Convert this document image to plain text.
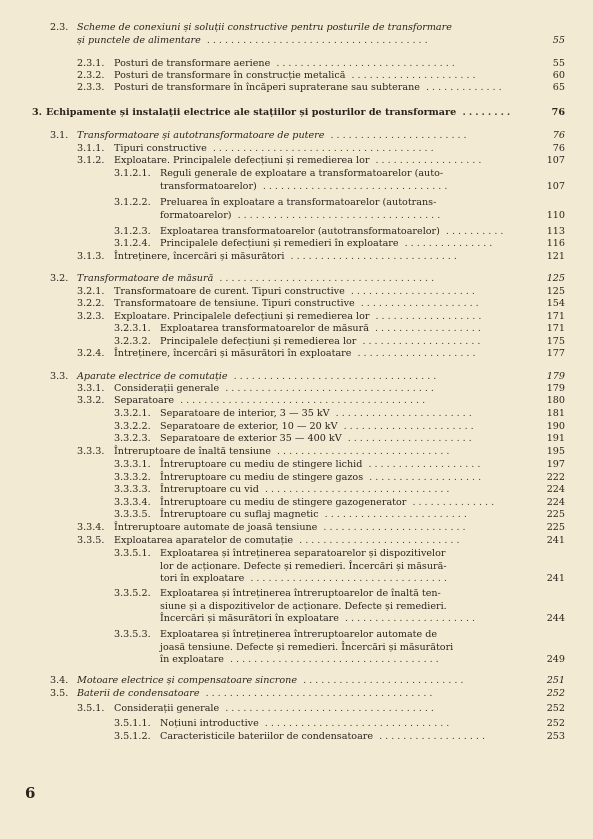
2.3. Scheme de conexiuni și soluții constructive pentru posturile de transformare
și punctele de alimentare .....................................	55
2.3.1. Posturi de transformare aeriene ..............................	55
2.3.2. Posturi de transformare în construcție metalică .....................	60
2.3.3. Posturi de transformare în încăperi supraterane sau subterane .............	65
3. Echipamente și instalații electrice ale stațiilor și posturilor de transformare ........	76
3.1. Transformatoare și autotransformatoare de putere .......................	76
3.1.1. Tipuri constructive .....................................	76
3.1.2. Exploatare. Principalele defecțiuni și remedierea lor ..................	107
3.1.2.1. Reguli generale de exploatare a transformatoarelor (auto-
transformatoarelor) ...............................	107
3.1.2.2. Preluarea în exploatare a transformatoarelor (autotrans-
formatoarelor) ..................................	110
3.1.2.3. Exploatarea transformatoarelor (autotransformatoarelor) ..........	113
3.1.2.4. Principalele defecțiuni și remedieri în exploatare ...............	116
3.1.3. Întreținere, încercări și măsurători ............................	121
3.2. Transformatoare de măsură ....................................	125
3.2.1. Transformatoare de curent. Tipuri constructive .....................	125
3.2.2. Transformatoare de tensiune. Tipuri constructive ....................	154
3.2.3. Exploatare. Principalele defecțiuni și remedierea lor ..................	171
3.2.3.1. Exploatarea transformatoarelor de măsură ..................	171
3.2.3.2. Principalele defecțiuni și remedierea lor ....................	175
3.2.4. Întreținere, încercări și măsurători în exploatare ....................	177
3.3. Aparate electrice de comutație ..................................	179
3.3.1. Considerații generale ...................................	179
3.3.2. Separatoare .........................................	180
3.3.2.1. Separatoare de interior, 3 — 35 kV .......................	181
3.3.2.2. Separatoare de exterior, 10 — 20 kV ......................	190
3.3.2.3. Separatoare de exterior 35 — 400 kV .....................	191
3.3.3. Întreruptoare de înaltă tensiune .............................	195
3.3.3.1. Întreruptoare cu mediu de stingere lichid ...................	197
3.3.3.2. Întreruptoare cu mediu de stingere gazos ...................	222
3.3.3.3. Întreruptoare cu vid ...............................	224
3.3.3.4. Întreruptoare cu mediu de stingere gazogenerator ..............	224
3.3.3.5. Întreruptoare cu suflaj magnetic ........................	225
3.3.4. Întreruptoare automate de joasă tensiune ........................	225
3.3.5. Exploatarea aparatelor de comutație ...........................	241
3.3.5.1. Exploatarea și întreținerea separatoarelor și dispozitivelor
lor de acționare. Defecte și remedieri. Încercări și măsură-
tori în exploatare .................................	241
3.3.5.2. Exploatarea și întreținerea întreruptoarelor de înaltă ten-
siune și a dispozitivelor de acționare. Defecte și remedieri.
Încercări și măsurători în exploatare ......................	244
3.3.5.3. Exploatarea și întreținerea întreruptoarelor automate de
joasă tensiune. Defecte și remedieri. Încercări și măsurători
în exploatare ...................................	249
3.4. Motoare electrice și compensatoare sincrone ...........................	251
3.5. Baterii de condensatoare ......................................	252
3.5.1. Considerații generale ...................................	252
3.5.1.1. Noțiuni introductive ...............................	252
3.5.1.2. Caracteristicile bateriilor de condensatoare ..................	253
6
